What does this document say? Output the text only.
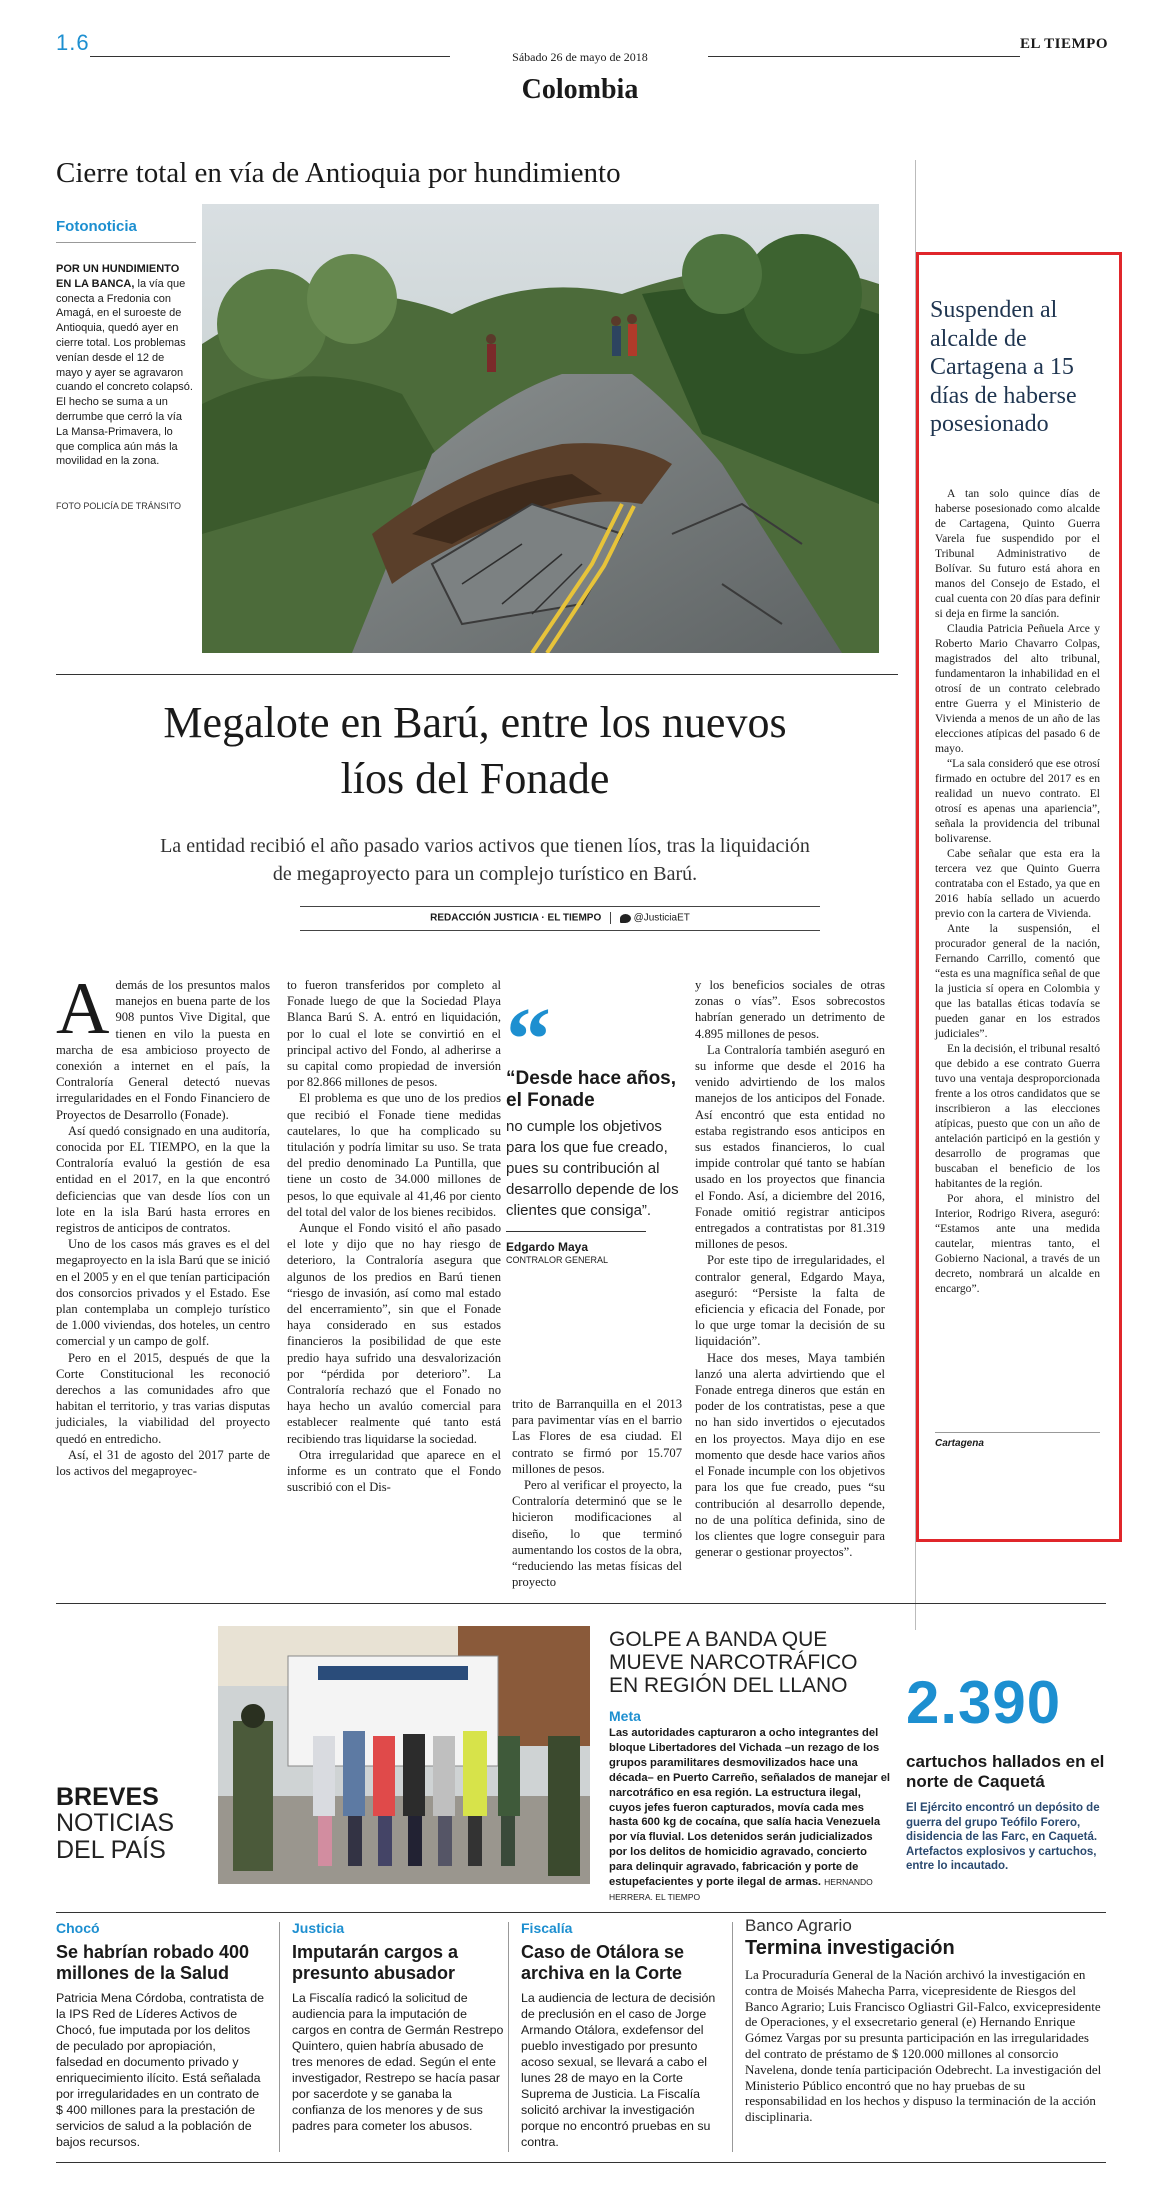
1.6
Sábado 26 de mayo de 2018
EL TIEMPO
Colombia
Cierre total en vía de Antioquia por hundimiento
Fotonoticia
POR UN HUNDIMIENTO EN LA BANCA, la vía que conecta a Fredonia con Amagá, en el suroeste de Antioquia, quedó ayer en cierre total. Los problemas venían desde el 12 de mayo y ayer se agravaron cuando el concreto colapsó. El hecho se suma a un derrumbe que cerró la vía La Mansa-Primavera, lo que complica aún más la movilidad en la zona.
FOTO POLICÍA DE TRÁNSITO
Megalote en Barú, entre los nuevos líos del Fonade
La entidad recibió el año pasado varios activos que tienen líos, tras la liquidación de megaproyecto para un complejo turístico en Barú.
REDACCIÓN JUSTICIA · EL TIEMPO	@JusticiaET
A demás de los presuntos malos manejos en buena parte de los 908 puntos Vive Digital, que tienen en vilo la puesta en marcha de esa ambicioso proyecto de conexión a internet en el país, la Contraloría General detectó nuevas irregularidades en el Fondo Financiero de Proyectos de Desarrollo (Fonade).

Así quedó consignado en una auditoría, conocida por EL TIEMPO, en la que la Contraloría evaluó la gestión de esa entidad en el 2017, en la que encontró deficiencias que van desde líos con un lote en la isla Barú hasta errores en registros de anticipos de contratos.

Uno de los casos más graves es el del megaproyecto en la isla Barú que se inició en el 2005 y en el que tenían participación dos consorcios privados y el Estado. Ese plan contemplaba un complejo turístico de 1.000 viviendas, dos hoteles, un centro comercial y un campo de golf.

Pero en el 2015, después de que la Corte Constitucional les reconoció derechos a las comunidades afro que habitan el territorio, y tras varias disputas judiciales, la viabilidad del proyecto quedó en entredicho.

Así, el 31 de agosto del 2017 parte de los activos del megaproyec-

to fueron transferidos por completo al Fonade luego de que la Sociedad Playa Blanca Barú S. A. entró en liquidación, por lo cual el lote se convirtió en el principal activo del Fondo, al adherirse a su capital como propiedad de inversión por 82.866 millones de pesos.

El problema es que uno de los predios que recibió el Fonade tiene medidas cautelares, lo que ha complicado su titulación y podría limitar su uso. Se trata del predio denominado La Puntilla, que tiene un costo de 34.000 millones de pesos, lo que equivale al 41,46 por ciento del total del valor de los bienes recibidos.

Aunque el Fondo visitó el año pasado el lote y dijo que no hay riesgo de deterioro, la Contraloría asegura que algunos de los predios en Barú tienen “riesgo de invasión, así como mal estado del encerramiento”, sin que el Fonade haya considerado en sus estados financieros la posibilidad de que este predio haya sufrido una desvalorización por “pérdida por deterioro”. La Contraloría rechazó que el Fonado no haya hecho un avalúo comercial para establecer realmente qué tanto está recibiendo tras liquidarse la sociedad.

Otra irregularidad que aparece en el informe es un contrato que el Fondo suscribió con el Dis-

“
“Desde hace años, el Fonade
no cumple los objetivos para los que fue creado, pues su contribución al desarrollo depende de los clientes que consiga”.
Edgardo Maya
CONTRALOR GENERAL

trito de Barranquilla en el 2013 para pavimentar vías en el barrio Las Flores de esa ciudad. El contrato se firmó por 15.707 millones de pesos.

Pero al verificar el proyecto, la Contraloría determinó que se le hicieron modificaciones al diseño, lo que terminó aumentando los costos de la obra, “reduciendo las metas físicas del proyecto

y los beneficios sociales de otras zonas o vías”. Esos sobrecostos habrían generado un detrimento de 4.895 millones de pesos.

La Contraloría también aseguró en su informe que desde el 2016 ha venido advirtiendo de los malos manejos de los anticipos del Fonade. Así encontró que esta entidad no estaba registrando esos anticipos en sus estados financieros, lo cual impide controlar qué tanto se habían usado en los proyectos que financia el Fondo. Así, a diciembre del 2016, Fonade omitió registrar anticipos entregados a contratistas por 81.319 millones de pesos.

Por este tipo de irregularidades, el contralor general, Edgardo Maya, aseguró: “Persiste la falta de eficiencia y eficacia del Fonade, por lo que urge tomar la decisión de su liquidación”.

Hace dos meses, Maya también lanzó una alerta advirtiendo que el Fonade entrega dineros que están en poder de los contratistas, pese a que no han sido invertidos o ejecutados en los proyectos. Maya dijo en ese momento que desde hace varios años el Fonade incumple con los objetivos para los que fue creado, pues “su contribución al desarrollo depende, no de una política definida, sino de los clientes que logre conseguir para generar o gestionar proyectos”.

Suspenden al alcalde de Cartagena a 15 días de haberse posesionado

A tan solo quince días de haberse posesionado como alcalde de Cartagena, Quinto Guerra Varela fue suspendido por el Tribunal Administrativo de Bolívar. Su futuro está ahora en manos del Consejo de Estado, el cual cuenta con 20 días para definir si deja en firme la sanción.

Claudia Patricia Peñuela Arce y Roberto Mario Chavarro Colpas, magistrados del alto tribunal, fundamentaron la inhabilidad en el otrosí de un contrato celebrado entre Guerra y el Ministerio de Vivienda a menos de un año de las elecciones atípicas del pasado 6 de mayo.

“La sala consideró que ese otrosí firmado en octubre del 2017 es en realidad un nuevo contrato. El otrosí es apenas una apariencia”, señala la providencia del tribunal bolivarense.

Cabe señalar que esta era la tercera vez que Quinto Guerra contrataba con el Estado, ya que en 2016 había sellado un acuerdo previo con la cartera de Vivienda.

Ante la suspensión, el procurador general de la nación, Fernando Carrillo, comentó que “esta es una magnífica señal de que la justicia sí opera en Colombia y que las batallas éticas todavía se pueden ganar en los estrados judiciales”.

En la decisión, el tribunal resaltó que debido a ese contrato Guerra tuvo una ventaja desproporcionada frente a los otros candidatos que se inscribieron a las elecciones atípicas, puesto que con un año de antelación participó en la gestión y desarrollo de programas que buscaban el beneficio de los habitantes de la región.

Por ahora, el ministro del Interior, Rodrigo Rivera, aseguró: “Estamos ante una medida cautelar, mientras tanto, el Gobierno Nacional, a través de un decreto, nombrará un alcalde en encargo”.

Cartagena
BREVES
NOTICIAS
DEL PAÍS
GOLPE A BANDA QUE MUEVE NARCOTRÁFICO EN REGIÓN DEL LLANO
Meta
Las autoridades capturaron a ocho integrantes del bloque Libertadores del Vichada –un rezago de los grupos paramilitares desmovilizados hace una década– en Puerto Carreño, señalados de manejar el narcotráfico en esa región. La estructura ilegal, cuyos jefes fueron capturados, movía cada mes hasta 600 kg de cocaína, que salía hacia Venezuela por vía fluvial. Los detenidos serán judicializados por los delitos de homicidio agravado, concierto para delinquir agravado, fabricación y porte de estupefacientes y porte ilegal de armas. HERNANDO HERRERA. EL TIEMPO
2.390
cartuchos hallados en el norte de Caquetá
El Ejército encontró un depósito de guerra del grupo Teófilo Forero, disidencia de las Farc, en Caquetá. Artefactos explosivos y cartuchos, entre lo incautado.
Chocó
Se habrían robado 400 millones de la Salud
Patricia Mena Córdoba, contratista de la IPS Red de Líderes Activos de Chocó, fue imputada por los delitos de peculado por apropiación, falsedad en documento privado y enriquecimiento ilícito. Está señalada por irregularidades en un contrato de $ 400 millones para la prestación de servicios de salud a la población de bajos recursos.
Justicia
Imputarán cargos a presunto abusador
La Fiscalía radicó la solicitud de audiencia para la imputación de cargos en contra de Germán Restrepo Quintero, quien habría abusado de tres menores de edad. Según el ente investigador, Restrepo se hacía pasar por sacerdote y se ganaba la confianza de los menores y de sus padres para cometer los abusos.
Fiscalía
Caso de Otálora se archiva en la Corte
La audiencia de lectura de decisión de preclusión en el caso de Jorge Armando Otálora, exdefensor del pueblo investigado por presunto acoso sexual, se llevará a cabo el lunes 28 de mayo en la Corte Suprema de Justicia. La Fiscalía solicitó archivar la investigación porque no encontró pruebas en su contra.
Banco Agrario
Termina investigación
La Procuraduría General de la Nación archivó la investigación en contra de Moisés Mahecha Parra, vicepresidente de Riesgos del Banco Agrario; Luis Francisco Ogliastri Gil-Falco, exvicepresidente de Operaciones, y el exsecretario general (e) Hernando Enrique Gómez Vargas por su presunta participación en las irregularidades del contrato de préstamo de $ 120.000 millones al consorcio Navelena, donde tenía participación Odebrecht. La investigación del Ministerio Público encontró que no hay pruebas de su responsabilidad en los hechos y dispuso la terminación de la acción disciplinaria.
